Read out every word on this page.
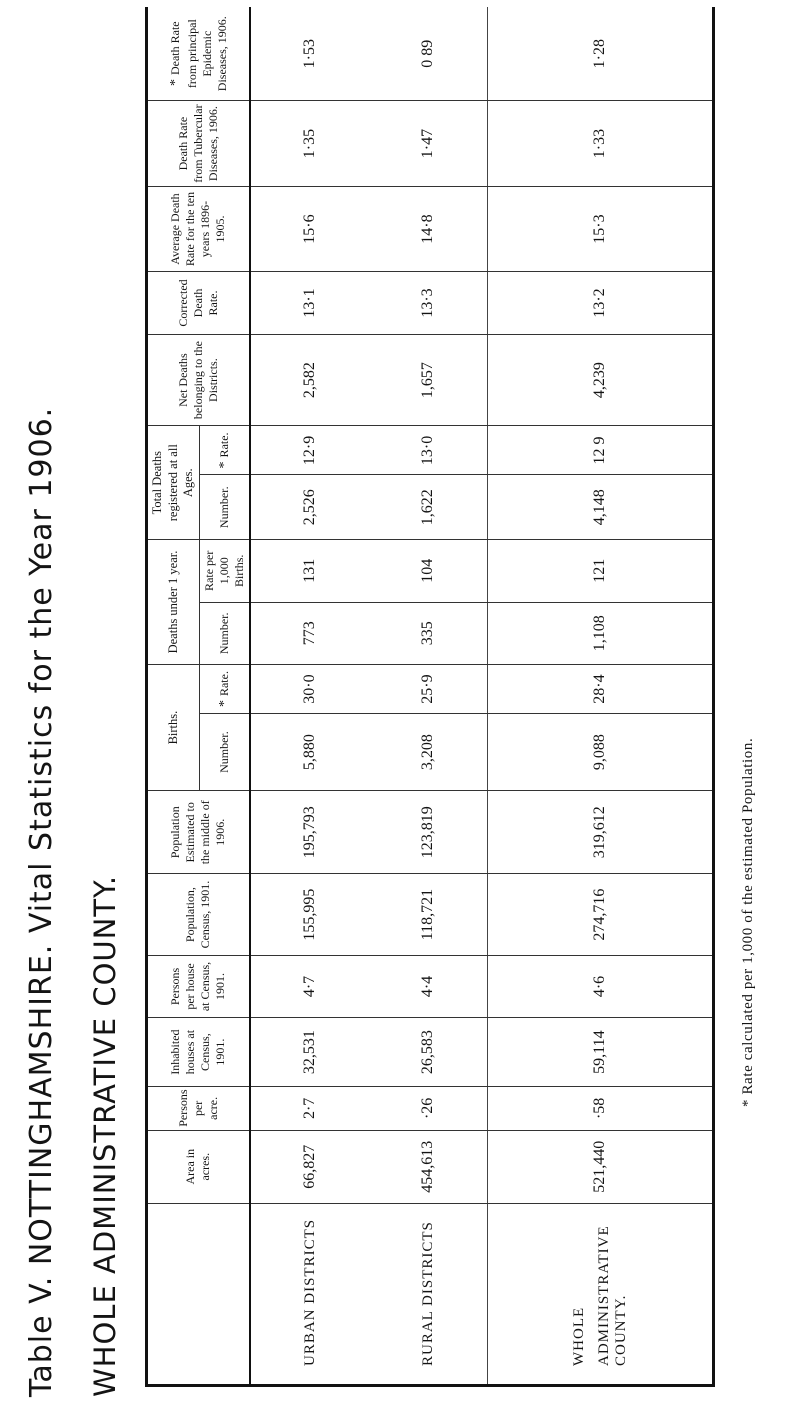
Table V. NOTTINGHAMSHIRE. Vital Statistics for the Year 1906. WHOLE ADMINISTRATIVE COUNTY.
		Area in acres.	Persons per acre.	Inhabited houses at Census, 1901.	Persons per house at Census, 1901.	Population, Census, 1901.	Population Estimated to the middle of 1906.	Births.		Deaths under 1 year.		Total Deaths registered at all Ages.		Net Deaths belonging to the Districts.	Corrected Death Rate.	Average Death Rate for the ten years 1896-1905.	Death Rate from Tubercular Diseases, 1906.	*Death Rate from principal Epidemic Diseases, 1906.
							Number.	*Rate.	Number.	Rate per 1,000 Births.	Number.	*Rate.					
URBAN DISTRICTS	66,827	2·7	32,531	4·7	155,995	195,793	5,880	30·0	773	131	2,526	12·9	2,582	13·1	15·6	1·35	1·53
RURAL DISTRICTS	454,613	·26	26,583	4·4	118,721	123,819	3,208	25·9	335	104	1,622	13·0	1,657	13·3	14·8	1·47	0 89
WHOLE ADMINISTRATIVE COUNTY.	521,440	·58	59,114	4·6	274,716	319,612	9,088	28·4	1,108	121	4,148	12 9	4,239	13·2	15·3	1·33	1·28
* Rate calculated per 1,000 of the estimated Population.
